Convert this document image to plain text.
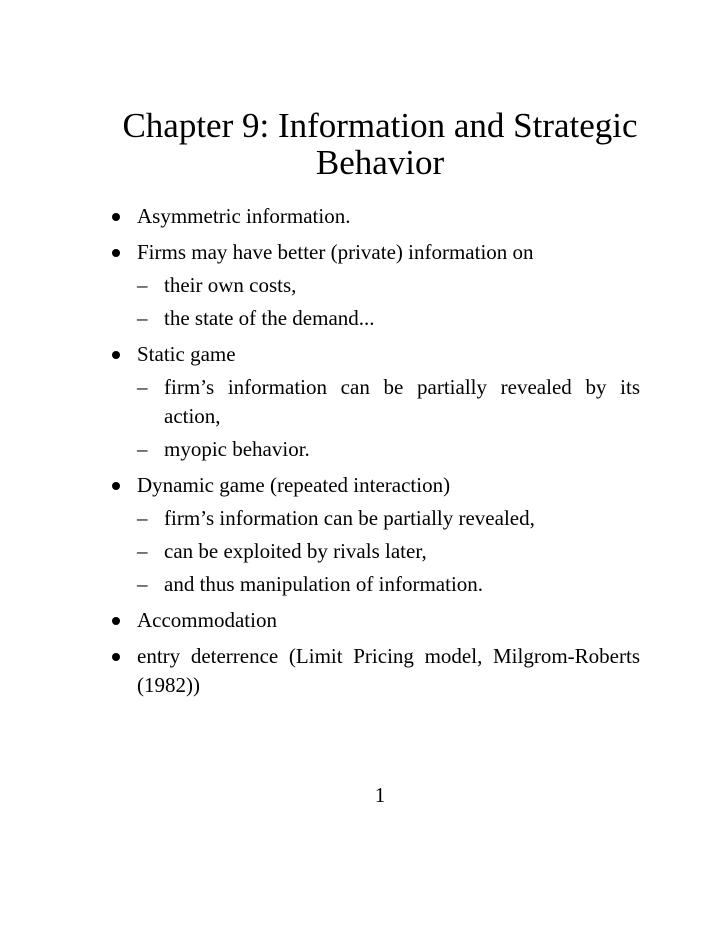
Chapter 9: Information and Strategic
Behavior
Asymmetric information.
Firms may have better (private) information on
– their own costs,
– the state of the demand...
Static game
– firm’s information can be partially revealed by its action,
– myopic behavior.
Dynamic game (repeated interaction)
– firm’s information can be partially revealed,
– can be exploited by rivals later,
– and thus manipulation of information.
Accommodation
entry deterrence (Limit Pricing model, Milgrom-Roberts (1982))
1
